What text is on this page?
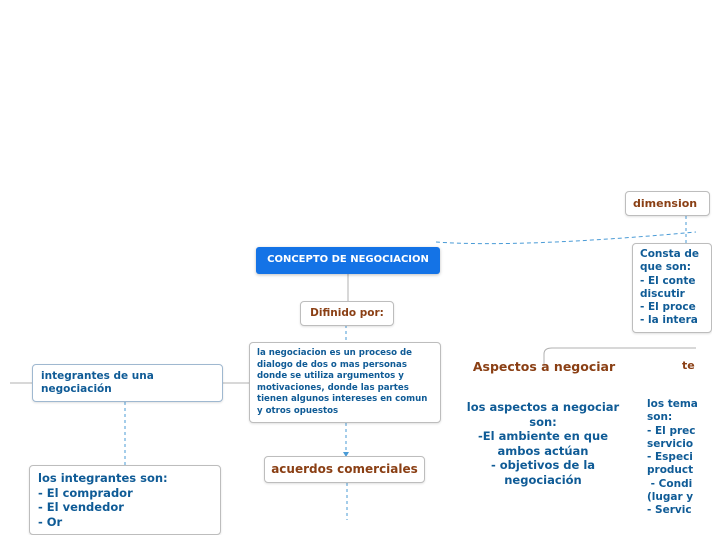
CONCEPTO DE NEGOCIACION
Difinido por:
la negociacion es un proceso de dialogo de dos o mas personas donde se utiliza argumentos y motivaciones, donde las partes tienen algunos intereses en comun y otros opuestos
acuerdos comerciales
integrantes de una negociación
los integrantes son:
- El comprador
- El vendedor
- Or
Aspectos a negociar
los aspectos a negociar son:
-El ambiente en que ambos actúan
- objetivos de la negociación
dimension
Consta de
que son:
- El conte
discutir
- El proce
- la intera
te
los tema
son:
- El prec
servicio
- Especi
product
- Condi
(lugar y
- Servic
